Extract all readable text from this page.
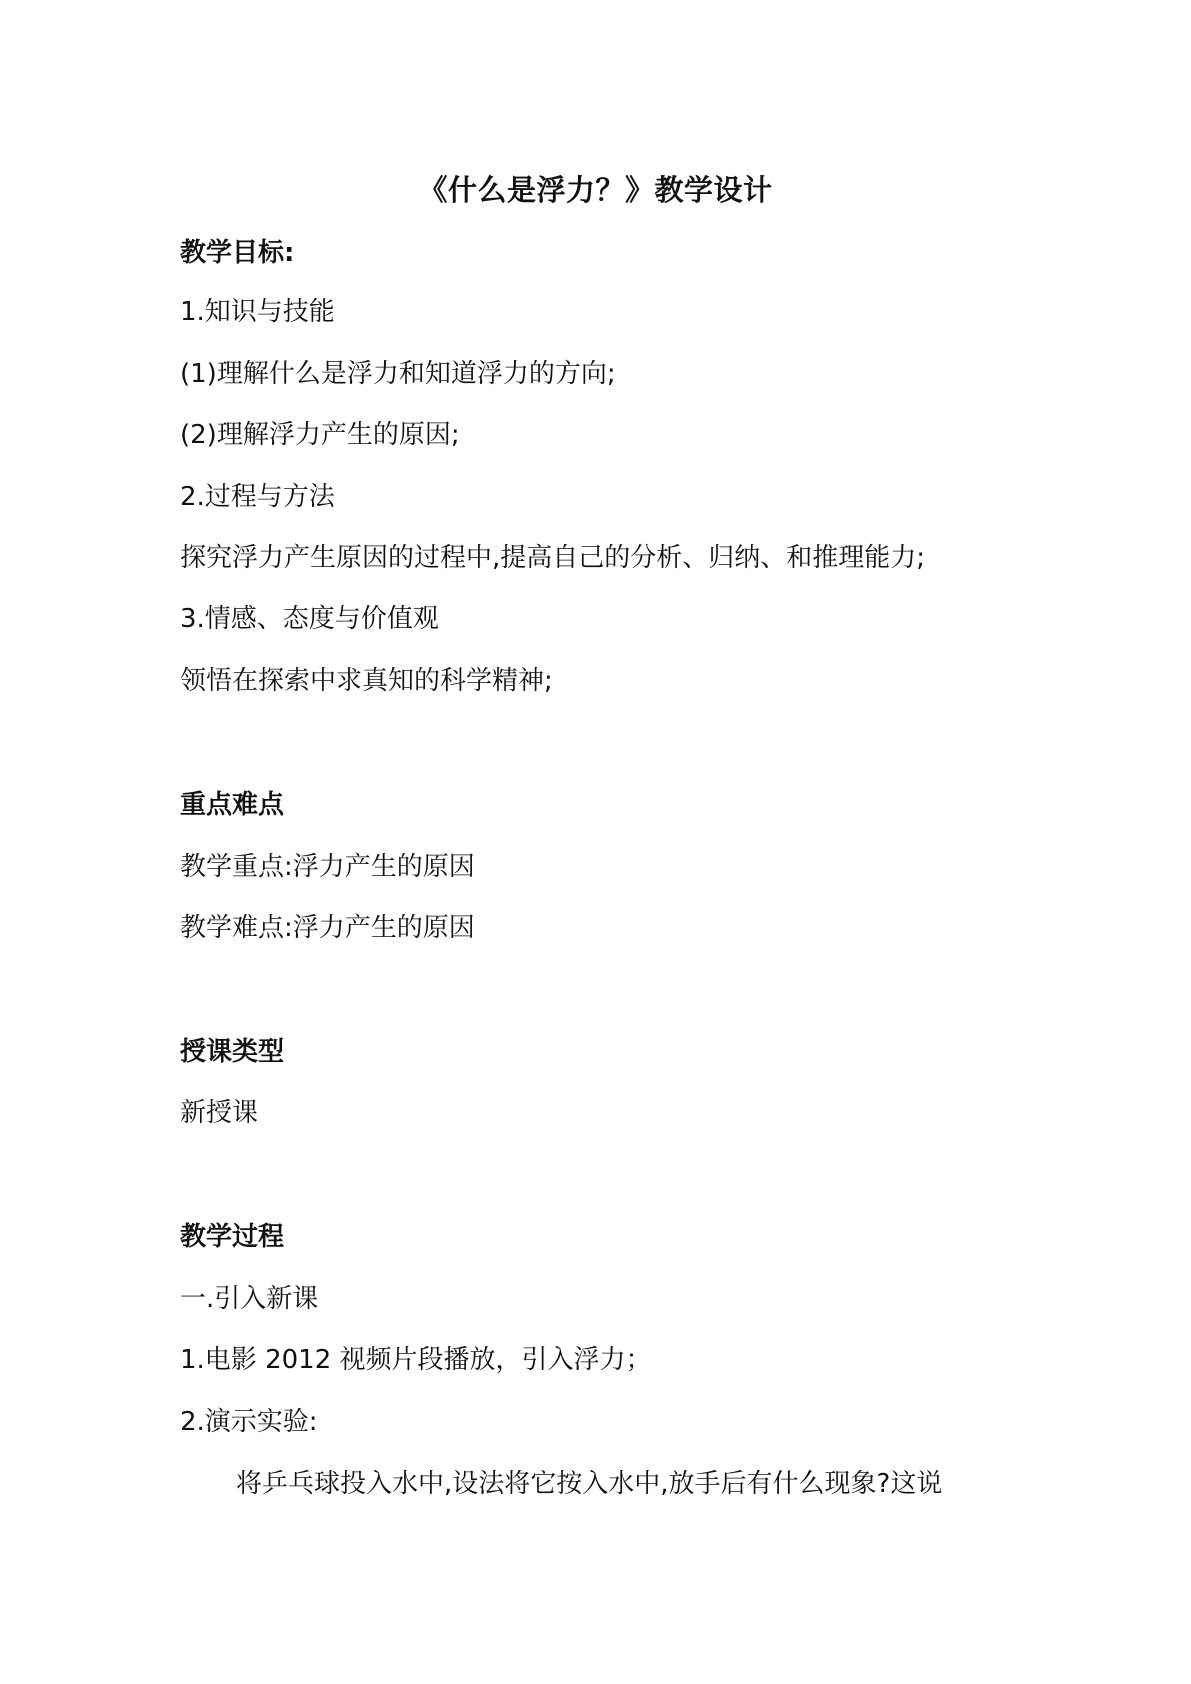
《什么是浮力？》教学设计
教学目标:
1.知识与技能
(1)理解什么是浮力和知道浮力的方向;
(2)理解浮力产生的原因;
2.过程与方法
探究浮力产生原因的过程中,提高自己的分析、归纳、和推理能力;
3.情感、态度与价值观
领悟在探索中求真知的科学精神;
重点难点
教学重点:浮力产生的原因
教学难点:浮力产生的原因
授课类型
新授课
教学过程
一.引入新课
1.电影 2012 视频片段播放，引入浮力；
2.演示实验:
将乒乓球投入水中,设法将它按入水中,放手后有什么现象?这说
